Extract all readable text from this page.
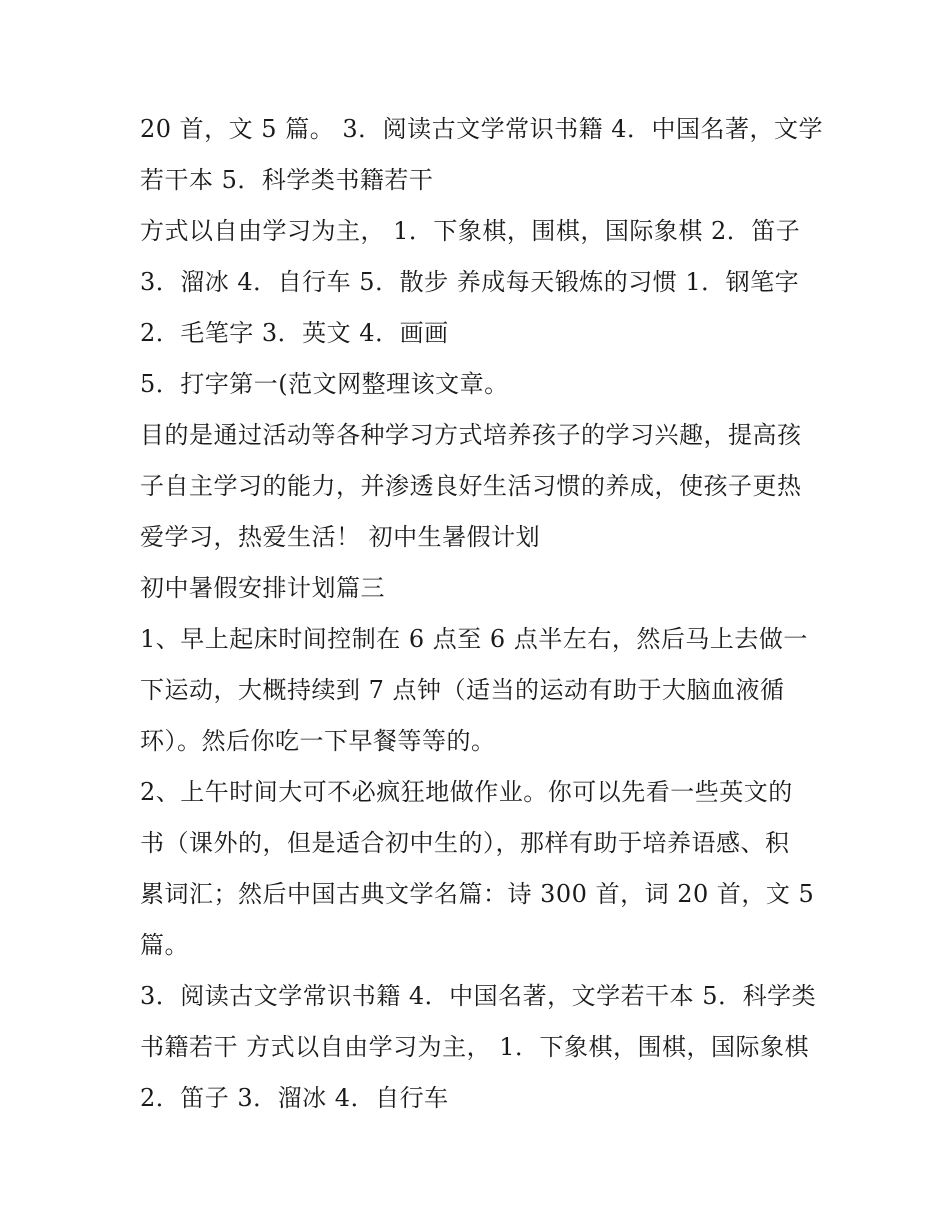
20 首，文 5 篇。 3．阅读古文学常识书籍 4．中国名著，文学
若干本 5．科学类书籍若干
方式以自由学习为主， 1．下象棋，围棋，国际象棋 2．笛子
3．溜冰 4．自行车 5．散步 养成每天锻炼的习惯 1．钢笔字
2．毛笔字 3．英文 4．画画
5．打字第一(范文网整理该文章。
目的是通过活动等各种学习方式培养孩子的学习兴趣，提高孩
子自主学习的能力，并渗透良好生活习惯的养成，使孩子更热
爱学习，热爱生活！ 初中生暑假计划
初中暑假安排计划篇三
1、早上起床时间控制在 6 点至 6 点半左右，然后马上去做一
下运动，大概持续到 7 点钟（适当的运动有助于大脑血液循
环）。然后你吃一下早餐等等的。
2、上午时间大可不必疯狂地做作业。你可以先看一些英文的
书（课外的，但是适合初中生的），那样有助于培养语感、积
累词汇；然后中国古典文学名篇：诗 300 首，词 20 首，文 5
篇。
3．阅读古文学常识书籍 4．中国名著，文学若干本 5．科学类
书籍若干 方式以自由学习为主， 1．下象棋，围棋，国际象棋
2．笛子 3．溜冰 4．自行车
